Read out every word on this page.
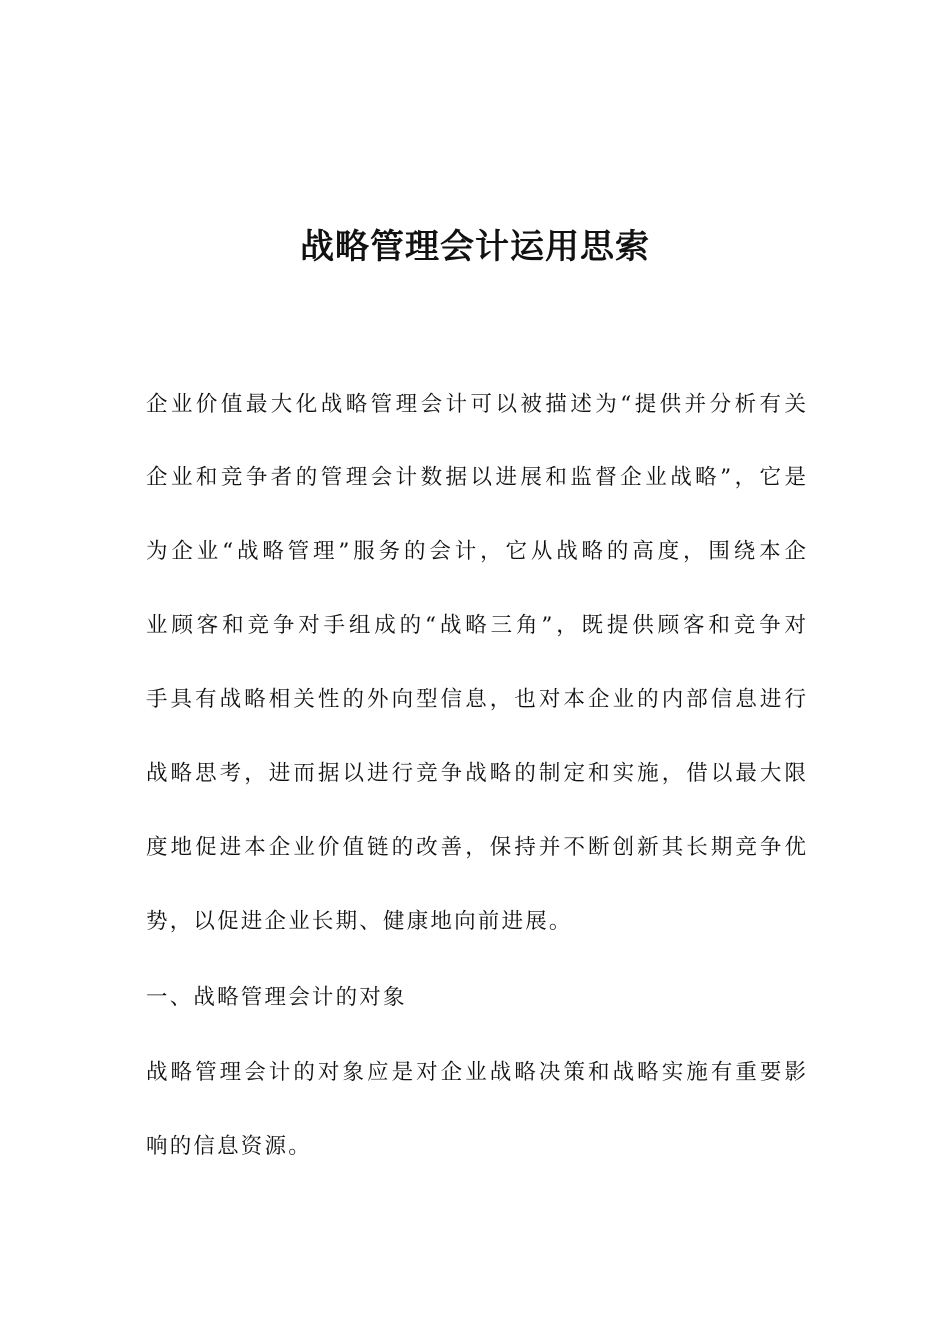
战略管理会计运用思索
企业价值最大化战略管理会计可以被描述为“提供并分析有关
企业和竞争者的管理会计数据以进展和监督企业战略”，它是
为企业“战略管理”服务的会计，它从战略的高度，围绕本企
业顾客和竞争对手组成的“战略三角”，既提供顾客和竞争对
手具有战略相关性的外向型信息，也对本企业的内部信息进行
战略思考，进而据以进行竞争战略的制定和实施，借以最大限
度地促进本企业价值链的改善，保持并不断创新其长期竞争优
势，以促进企业长期、健康地向前进展。
一、战略管理会计的对象
战略管理会计的对象应是对企业战略决策和战略实施有重要影
响的信息资源。
